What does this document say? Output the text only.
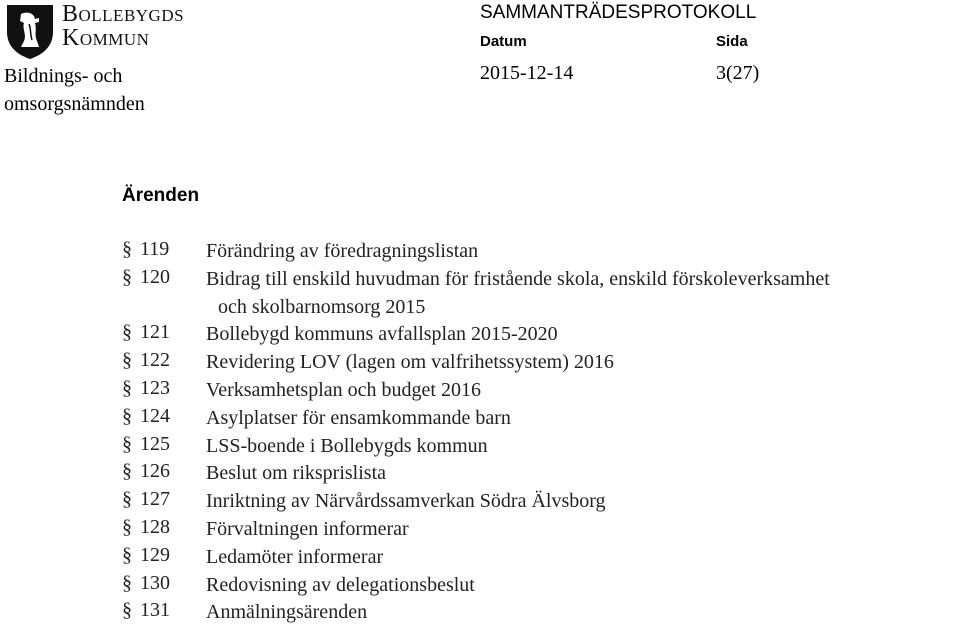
Bollebygds
Kommun
Bildnings- och omsorgsnämnden
SAMMANTRÄDESPROTOKOLL
Datum	Sida
2015-12-14	3(27)
Ärenden
§ 119 Förändring av föredragningslistan
§ 120 Bidrag till enskild huvudman för fristående skola, enskild förskoleverksamhet
och skolbarnomsorg 2015
§ 121 Bollebygd kommuns avfallsplan 2015-2020
§ 122 Revidering LOV (lagen om valfrihetssystem) 2016
§ 123 Verksamhetsplan och budget 2016
§ 124 Asylplatser för ensamkommande barn
§ 125 LSS-boende i Bollebygds kommun
§ 126 Beslut om riksprislista
§ 127 Inriktning av Närvårdssamverkan Södra Älvsborg
§ 128 Förvaltningen informerar
§ 129 Ledamöter informerar
§ 130 Redovisning av delegationsbeslut
§ 131 Anmälningsärenden
